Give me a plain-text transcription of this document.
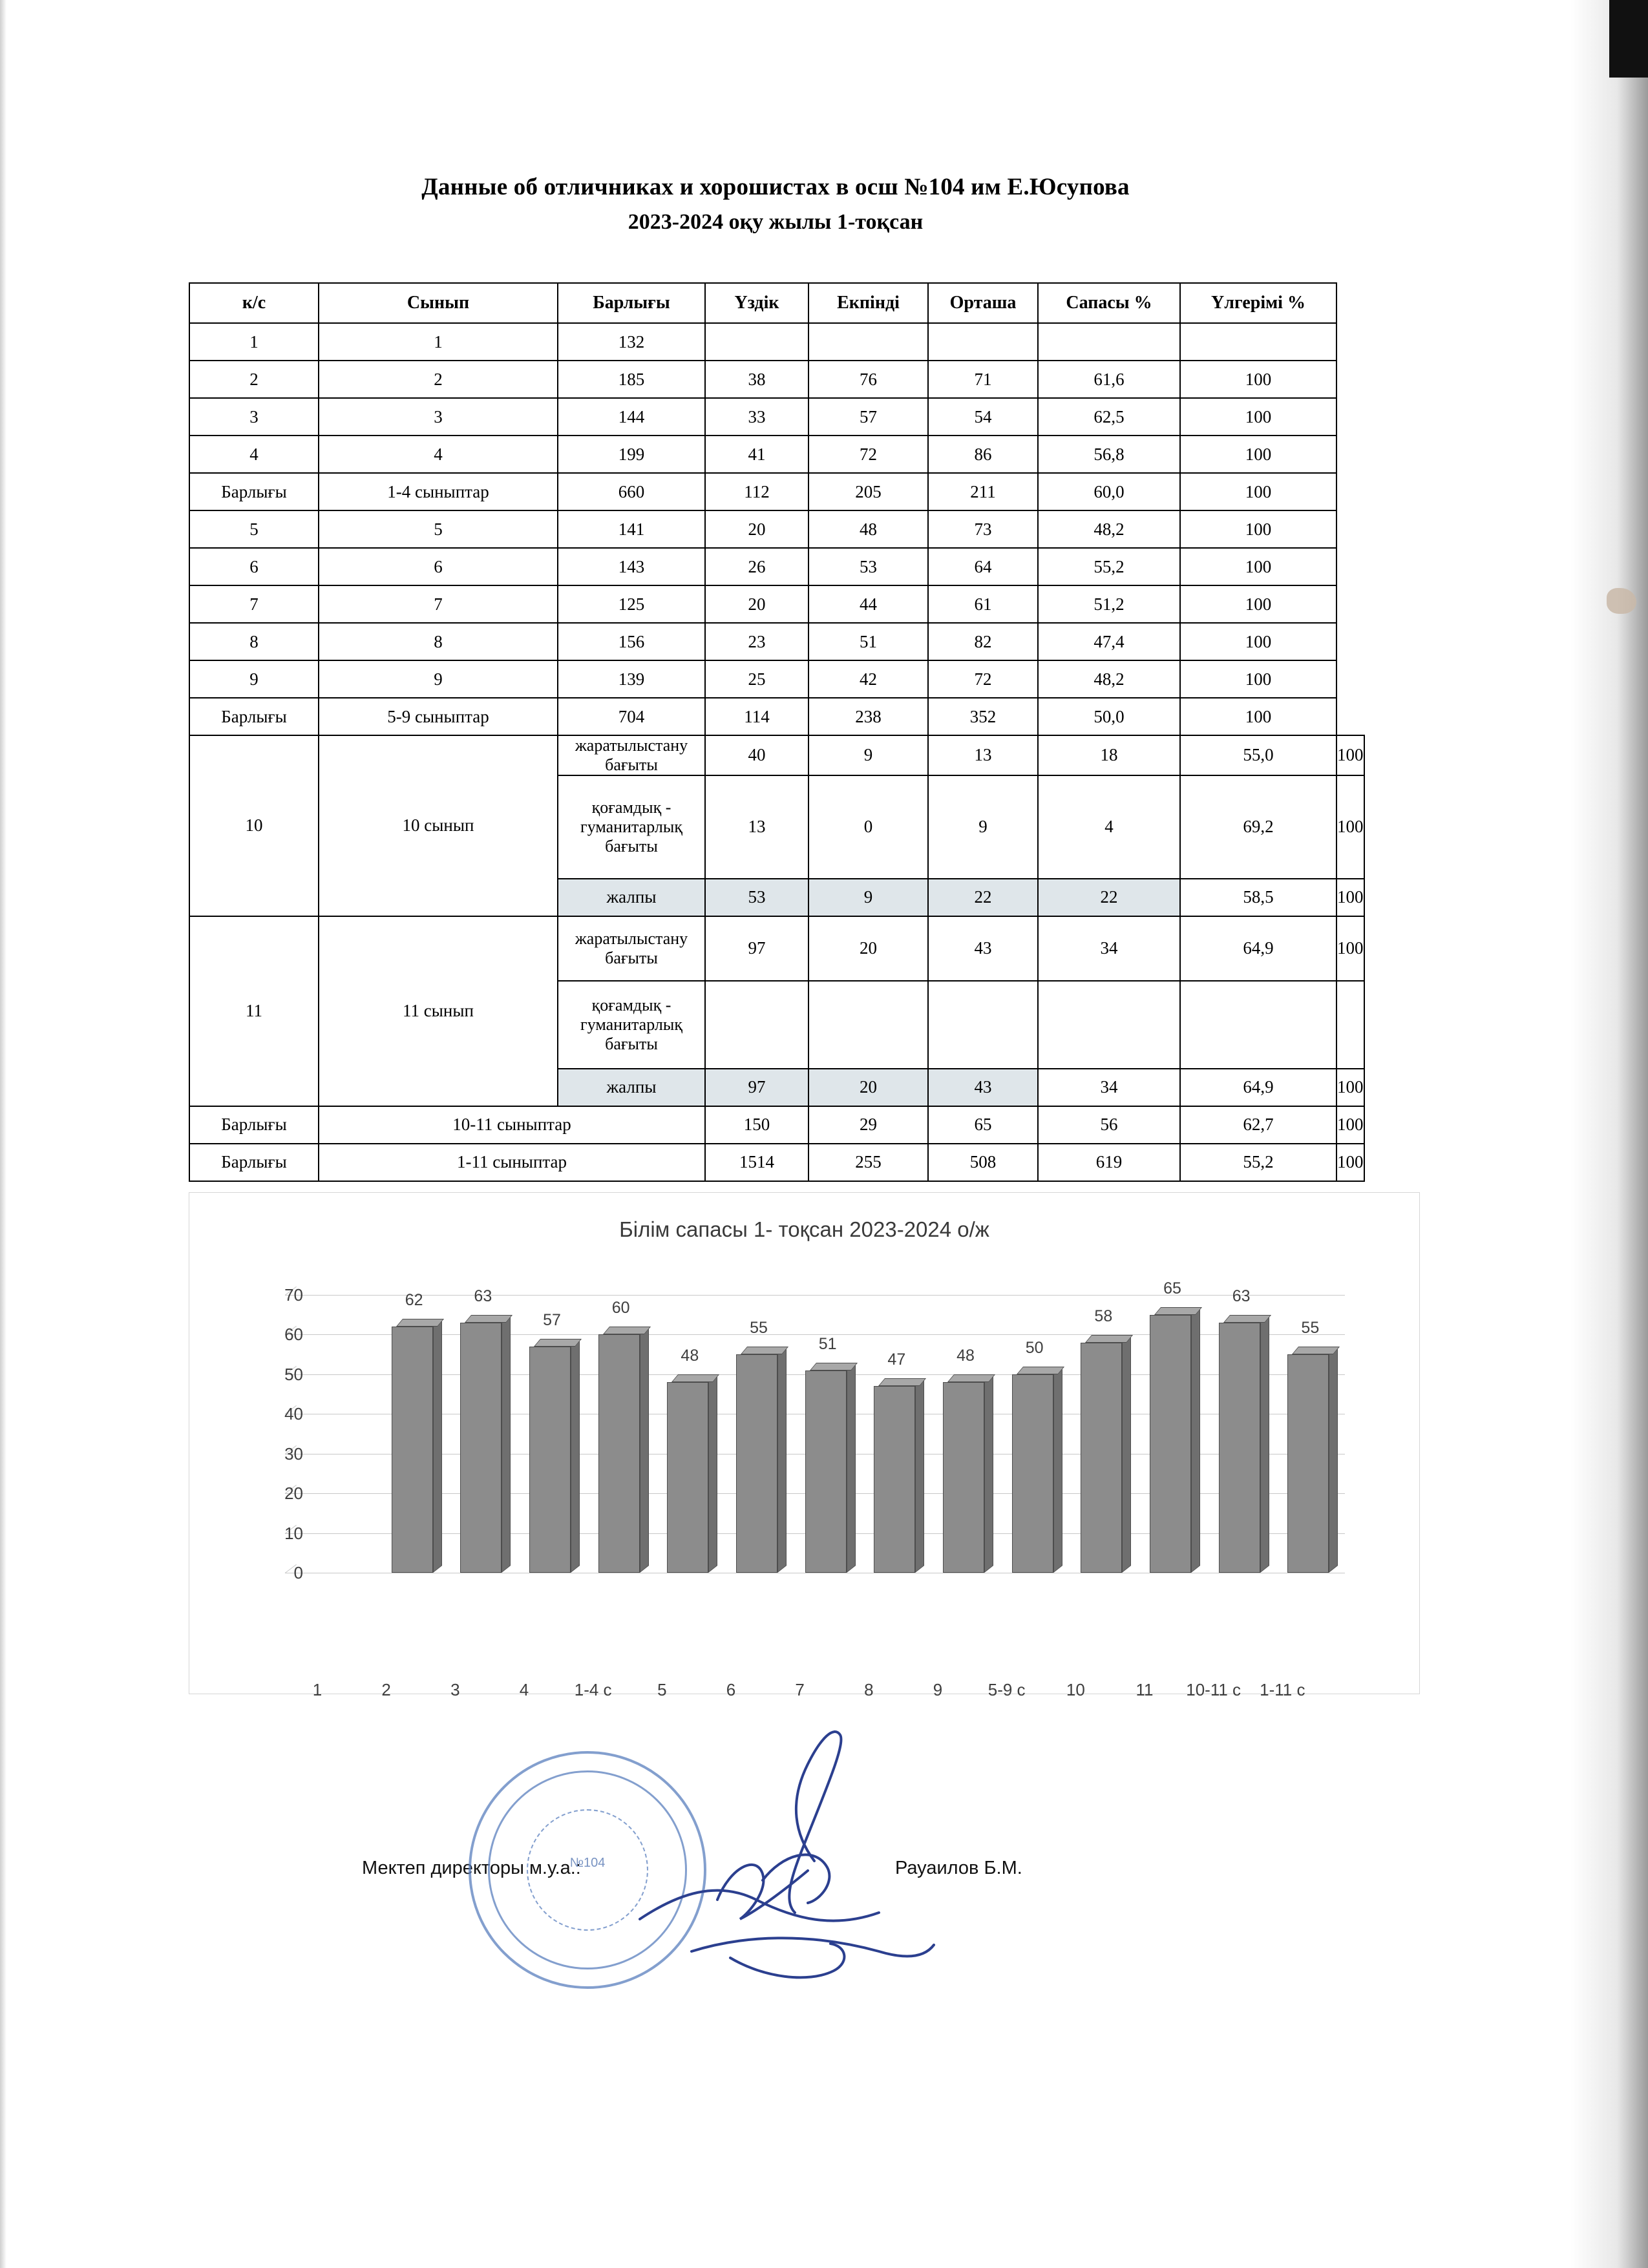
Данные об отличниках и хорошистах в осш №104 им Е.Юсупова
2023-2024 оқу жылы 1-тоқсан
к/с	Сынып	Барлығы	Үздік	Екпінді	Орташа	Сапасы %	Үлгерімі %	
1	1	132						
2	2	185	38	76	71	61,6	100	
3	3	144	33	57	54	62,5	100	
4	4	199	41	72	86	56,8	100	
Барлығы	1-4 сыныптар	660	112	205	211	60,0	100	
5	5	141	20	48	73	48,2	100	
6	6	143	26	53	64	55,2	100	
7	7	125	20	44	61	51,2	100	
8	8	156	23	51	82	47,4	100	
9	9	139	25	42	72	48,2	100	
Барлығы	5-9 сыныптар	704	114	238	352	50,0	100	
10	10 сынып	жаратылыстану бағыты	40	9	13	18	55,0	100
		қоғамдық - гуманитарлық бағыты	13	0	9	4	69,2	100
		жалпы	53	9	22	22	58,5	100
11	11 сынып	жаратылыстану бағыты	97	20	43	34	64,9	100
		қоғамдық - гуманитарлық бағыты						
		жалпы	97	20	43	34	64,9	100
Барлығы	10-11 сыныптар		150	29	65	56	62,7	100
Барлығы	1-11 сыныптар		1514	255	508	619	55,2	100
Білім сапасы 1- тоқсан 2023-2024 о/ж
0
10
20
30
40
50
60
70	62	63
57
60
48
55
51
47	48	50
58
65	63
55
1	2	3	4	1-4 с	5	6	7	8	9	5-9 с	10	11	10-11 с	1-11 с
Мектеп директоры м.у.а.:	Рауаилов Б.М.
№104
